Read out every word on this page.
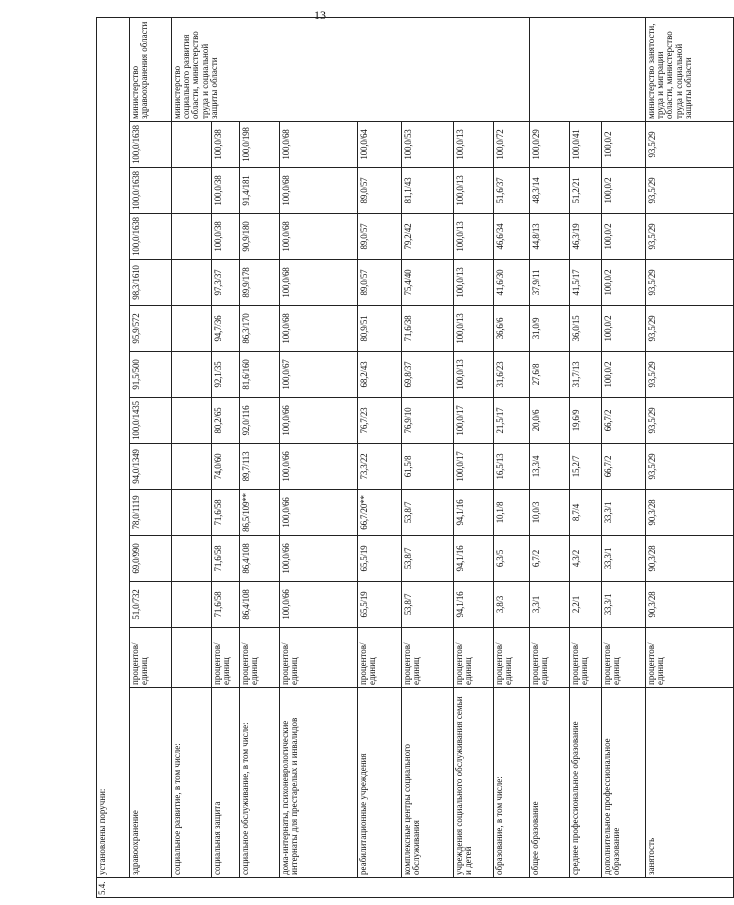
13
5.4.	установлены поручни:														
	здравоохранение	процентов/ единиц	51,0/732	69,0/990	78,0/1119	94,0/1349	100,0/1435	91,5/500	95,9/572	98,3/1610	100,0/1638	100,0/1638	100,0/1638	министерство здравоохранения области	
	социальное развитие, в том числе:													министерство социального развития области, министерство труда и социальной защиты области	
	социальная защита	процентов/ единиц	71,6/58	71,6/58	71,6/58	74,0/60	80,2/65	92,1/35	94,7/36	97,3/37	100,0/38	100,0/38	100,0/38		
	социальное обслуживание, в том числе:	процентов/ единиц	86,4/108	86,4/108	86,5/109**	89,7/113	92,0/116	81,6/160	86,3/170	89,9/178	90,9/180	91,4/181	100,0/198		
	дома-интернаты, психоневрологические интернаты для престарелых и инвалидов	процентов/ единиц	100,0/66	100,0/66	100,0/66	100,0/66	100,0/66	100,0/67	100,0/68	100,0/68	100,0/68	100,0/68	100,0/68		
	реабилитационные учреждения	процентов/ единиц	65,5/19	65,5/19	66,7/20**	73,3/22	76,7/23	68,2/43	80,9/51	89,0/57	89,0/57	89,0/57	100,0/64		
	комплексные центры социального обслуживания	процентов/ единиц	53,8/7	53,8/7	53,8/7	61,5/8	76,9/10	69,8/37	71,6/38	75,4/40	79,2/42	81,1/43	100,0/53		
	учреждения социального обслуживания семьи и детей	процентов/ единиц	94,1/16	94,1/16	94,1/16	100,0/17	100,0/17	100,0/13	100,0/13	100,0/13	100,0/13	100,0/13	100,0/13		
	образование, в том числе:	процентов/ единиц	3,8/3	6,3/5	10,1/8	16,5/13	21,5/17	31,6/23	36,6/6	41,6/30	46,6/34	51,6/37	100,0/72	
	общее образование	процентов/ единиц	3,3/1	6,7/2	10,0/3	13,3/4	20,0/6	27,6/8	31,0/9	37,9/11	44,8/13	48,3/14	100,0/29		
	среднее профессиональное образование	процентов/ единиц	2,2/1	4,3/2	8,7/4	15,2/7	19,6/9	31,7/13	36,0/15	41,5/17	46,3/19	51,2/21	100,0/41		
	дополнительное профессиональное образование	процентов/ единиц	33,3/1	33,3/1	33,3/1	66,7/2	66,7/2	100,0/2	100,0/2	100,0/2	100,0/2	100,0/2	100,0/2		
	занятость	процентов/ единиц	90,3/28	90,3/28	90,3/28	93,5/29	93,5/29	93,5/29	93,5/29	93,5/29	93,5/29	93,5/29	93,5/29	министерство занятости, труда и миграции области, министерство труда и социальной защиты области	
